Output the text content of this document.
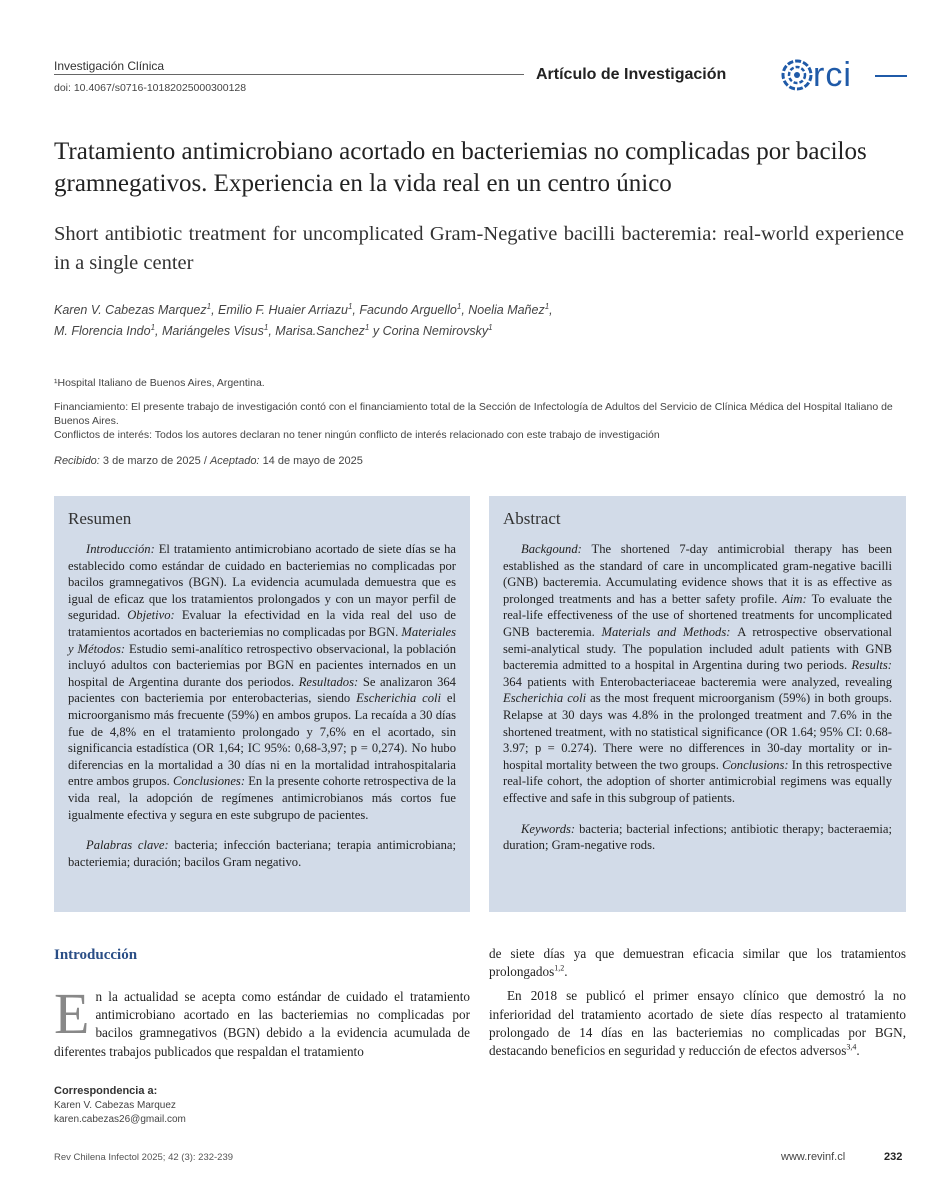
Investigación Clínica
doi: 10.4067/s0716-10182025000300128
Artículo de Investigación	rci
Tratamiento antimicrobiano acortado en bacteriemias no complicadas por bacilos gramnegativos. Experiencia en la vida real en un centro único
Short antibiotic treatment for uncomplicated Gram-Negative bacilli bacteremia: real-world experience in a single center
Karen V. Cabezas Marquez$^1$, Emilio F. Huaier Arriazu$^1$, Facundo Arguello$^1$, Noelia Mañez$^1$,
M. Florencia Indo$^1$, Mariángeles Visus$^1$, Marisa.Sanchez$^1$ y Corina Nemirovsky$^1$
¹Hospital Italiano de Buenos Aires, Argentina.
Financiamiento: El presente trabajo de investigación contó con el financiamiento total de la Sección de Infectología de Adultos del Servicio de Clínica Médica del Hospital Italiano de Buenos Aires.
Conflictos de interés: Todos los autores declaran no tener ningún conflicto de interés relacionado con este trabajo de investigación
Recibido: 3 de marzo de 2025 / Aceptado: 14 de mayo de 2025
Resumen

Introducción: El tratamiento antimicrobiano acortado de siete días se ha establecido como estándar de cuidado en bacteriemias no complicadas por bacilos gramnegativos (BGN). La evidencia acumulada demuestra que es igual de eficaz que los tratamientos prolongados y con un mayor perfil de seguridad. Objetivo: Evaluar la efectividad en la vida real del uso de tratamientos acortados en bacteriemias no complicadas por BGN. Materiales y Métodos: Estudio semi-analítico retrospectivo observacional, la población incluyó adultos con bacteriemias por BGN en pacientes internados en un hospital de Argentina durante dos periodos. Resultados: Se analizaron 364 pacientes con bacteriemia por enterobacterias, siendo Escherichia coli el microorganismo más frecuente (59%) en ambos grupos. La recaída a 30 días fue de 4,8% en el tratamiento prolongado y 7,6% en el acortado, sin significancia estadística (OR 1,64; IC 95%: 0,68-3,97; p = 0,274). No hubo diferencias en la mortalidad a 30 días ni en la mortalidad intrahospitalaria entre ambos grupos. Conclusiones: En la presente cohorte retrospectiva de la vida real, la adopción de regímenes antimicrobianos más cortos fue igualmente efectiva y segura en este subgrupo de pacientes.

Palabras clave: bacteria; infección bacteriana; terapia antimicrobiana; bacteriemia; duración; bacilos Gram negativo.

Abstract

Backgound: The shortened 7-day antimicrobial therapy has been established as the standard of care in uncomplicated gram-negative bacilli (GNB) bacteremia. Accumulating evidence shows that it is as effective as prolonged treatments and has a better safety profile. Aim: To evaluate the real-life effectiveness of the use of shortened treatments for uncomplicated GNB bacteremia. Materials and Methods: A retrospective observational semi-analytical study. The population included adult patients with GNB bacteremia admitted to a hospital in Argentina during two periods. Results: 364 patients with Enterobacteriaceae bacteremia were analyzed, revealing Escherichia coli as the most frequent microorganism (59%) in both groups. Relapse at 30 days was 4.8% in the prolonged treatment and 7.6% in the shortened treatment, with no statistical significance (OR 1.64; 95% CI: 0.68-3.97; p = 0.274). There were no differences in 30-day mortality or in-hospital mortality between the two groups. Conclusions: In this retrospective real-life cohort, the adoption of shorter antimicrobial regimens was equally effective and safe in this subgroup of patients.

Keywords: bacteria; bacterial infections; antibiotic therapy; bacteraemia; duration; Gram-negative rods.

Introducción
En la actualidad se acepta como estándar de cuidado el tratamiento antimicrobiano acortado en las bacteriemias no complicadas por bacilos gramnegativos (BGN) debido a la evidencia acumulada de diferentes trabajos publicados que respaldan el tratamiento

de siete días ya que demuestran eficacia similar que los tratamientos prolongados$^{1,2}$.

En 2018 se publicó el primer ensayo clínico que demostró la no inferioridad del tratamiento acortado de siete días respecto al tratamiento prolongado de 14 días en las bacteriemias no complicadas por BGN, destacando beneficios en seguridad y reducción de efectos adversos$^{3,4}$.

Correspondencia a:
Karen V. Cabezas Marquez
karen.cabezas26@gmail.com
Rev Chilena Infectol 2025; 42 (3): 232-239	www.revinf.cl	232
